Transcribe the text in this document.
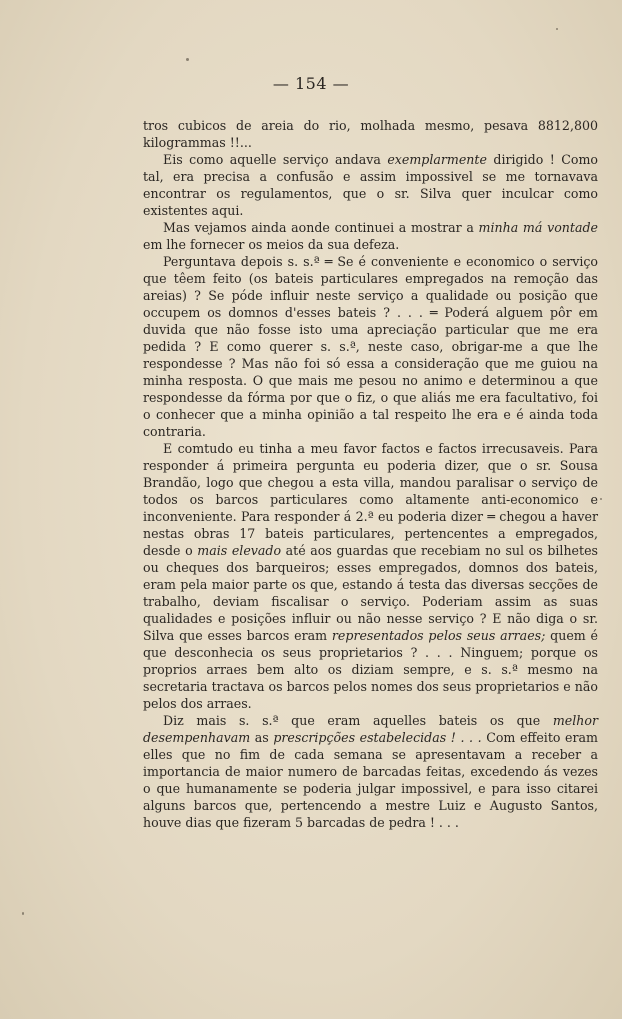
— 154 —

tros cubicos de areia do rio, molhada mesmo, pesava 8812,800 kilogrammas !!...

Eis como aquelle serviço andava exemplarmente dirigido ! Como tal, era precisa a confusão e assim impossivel se me tornavava encontrar os regulamentos, que o sr. Silva quer inculcar como existentes aqui.

Mas vejamos ainda aonde continuei a mostrar a minha má vontade em lhe fornecer os meios da sua defeza.

Perguntava depois s. s.ª ═ Se é conveniente e economico o serviço que têem feito (os bateis particulares empregados na remoção das areias) ? Se póde influir neste serviço a qualidade ou posição que occupem os domnos d'esses bateis ? . . . ═ Poderá alguem pôr em duvida que não fosse isto uma apreciação particular que me era pedida ? E como querer s. s.ª, neste caso, obrigar-me a que lhe respondesse ? Mas não foi só essa a consideração que me guiou na minha resposta. O que mais me pesou no animo e determinou a que respondesse da fórma por que o fiz, o que aliás me era facultativo, foi o conhecer que a minha opinião a tal respeito lhe era e é ainda toda contraria.

E comtudo eu tinha a meu favor factos e factos irrecusaveis. Para responder á primeira pergunta eu poderia dizer, que o sr. Sousa Brandão, logo que chegou a esta villa, mandou paralisar o serviço de todos os barcos particulares como altamente anti-economico e inconveniente. Para responder á 2.ª eu poderia dizer ═ chegou a haver nestas obras 17 bateis particulares, pertencentes a empregados, desde o mais elevado até aos guardas que recebiam no sul os bilhetes ou cheques dos barqueiros; esses empregados, domnos dos bateis, eram pela maior parte os que, estando á testa das diversas secções de trabalho, deviam fiscalisar o serviço. Poderiam assim as suas qualidades e posições influir ou não nesse serviço ? E não diga o sr. Silva que esses barcos eram representados pelos seus arraes; quem é que desconhecia os seus proprietarios ? . . . Ninguem; porque os proprios arraes bem alto os diziam sempre, e s. s.ª mesmo na secretaria tractava os barcos pelos nomes dos seus proprietarios e não pelos dos arraes.

Diz mais s. s.ª que eram aquelles bateis os que melhor desempenhavam as prescripções estabelecidas ! . . . Com effeito eram elles que no fim de cada semana se apresentavam a receber a importancia de maior numero de barcadas feitas, excedendo ás vezes o que humanamente se poderia julgar impossivel, e para isso citarei alguns barcos que, pertencendo a mestre Luiz e Augusto Santos, houve dias que fizeram 5 barcadas de pedra ! . . .
